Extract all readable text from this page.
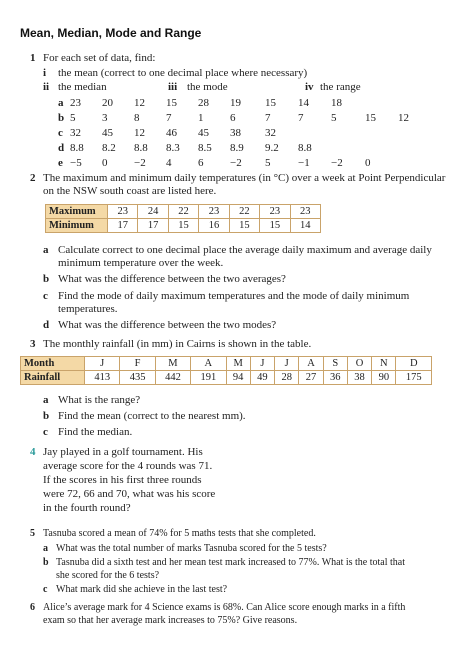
Mean, Median, Mode and Range
1 For each set of data, find:
i the mean (correct to one decimal place where necessary)
ii the median	iii the mode	iv the range
a 23 20 12 15 28 19 15 14 18
b 5 3 8 7 1 6	7	7	5	15 12
c 32 45 12 46 45 38 32
d 8.8 8.2 8.8 8.3 8.5 8.9 9.2 8.8
e −5 0 −2 4 6 −2 5	−1 −2 0
2 The maximum and minimum daily temperatures (in °C) over a week at Point Perpendicular
on the NSW south coast are listed here.
Maximum	23	24	22	23	22	23	23
Minimum	17	17	15	16	15	15	14
a Calculate correct to one decimal place the average daily maximum and average daily
minimum temperature over the week.
b What was the difference between the two averages?
c Find the mode of daily maximum temperatures and the mode of daily minimum
temperatures.
d What was the difference between the two modes?
3 The monthly rainfall (in mm) in Cairns is shown in the table.
Month	J	F	M	A	M	J	J	A	S	O	N	D
Rainfall	413	435	442	191	94	49	28	27	36	38	90	175
a What is the range?
b Find the mean (correct to the nearest mm).
c Find the median.
4 Jay played in a golf tournament. His
average score for the 4 rounds was 71.
If the scores in his first three rounds
were 72, 66 and 70, what was his score
in the fourth round?
5 Tasnuba scored a mean of 74% for 5 maths tests that she completed.
a What was the total number of marks Tasnuba scored for the 5 tests?
b Tasnuba did a sixth test and her mean test mark increased to 77%. What is the total that
she scored for the 6 tests?
c What mark did she achieve in the last test?
6 Alice’s average mark for 4 Science exams is 68%. Can Alice score enough marks in a fifth
exam so that her average mark increases to 75%? Give reasons.
